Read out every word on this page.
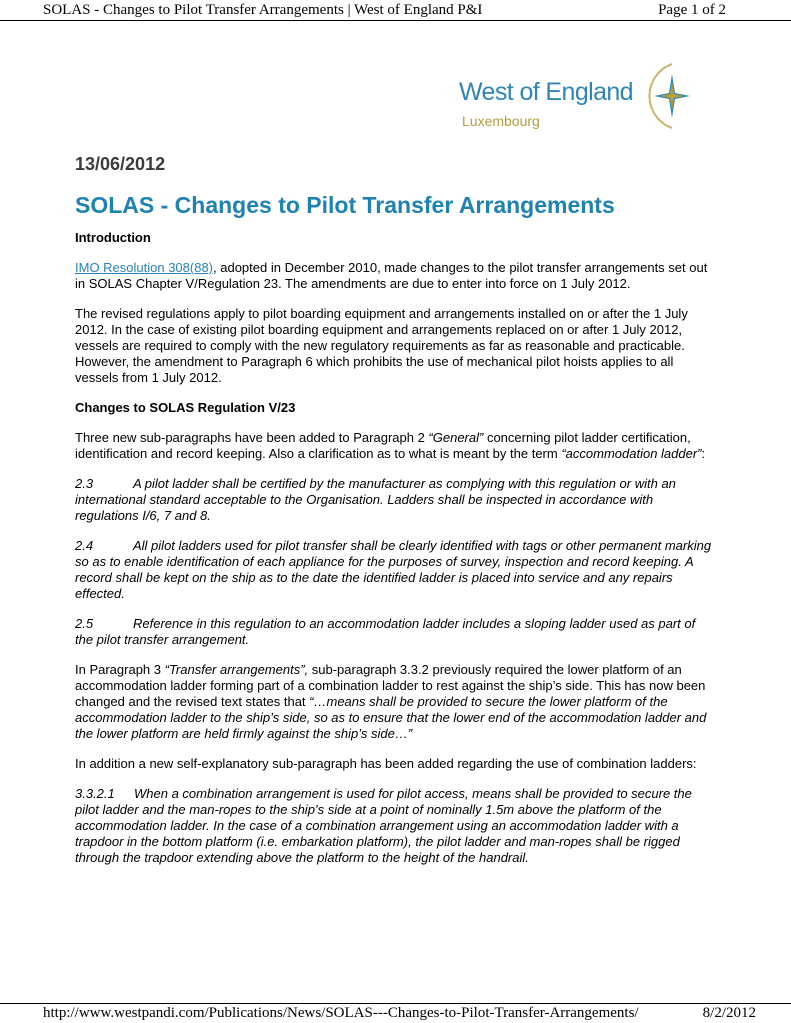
SOLAS - Changes to Pilot Transfer Arrangements | West of England P&I	Page 1 of 2
West of England
Luxembourg
13/06/2012
SOLAS - Changes to Pilot Transfer Arrangements
Introduction

IMO Resolution 308(88), adopted in December 2010, made changes to the pilot transfer arrangements set out in SOLAS Chapter V/Regulation 23. The amendments are due to enter into force on 1 July 2012.

The revised regulations apply to pilot boarding equipment and arrangements installed on or after the 1 July 2012. In the case of existing pilot boarding equipment and arrangements replaced on or after 1 July 2012, vessels are required to comply with the new regulatory requirements as far as reasonable and practicable. However, the amendment to Paragraph 6 which prohibits the use of mechanical pilot hoists applies to all vessels from 1 July 2012.

Changes to SOLAS Regulation V/23

Three new sub-paragraphs have been added to Paragraph 2 “General” concerning pilot ladder certification, identification and record keeping. Also a clarification as to what is meant by the term “accommodation ladder”:

2.3	A pilot ladder shall be certified by the manufacturer as complying with this regulation or with an international standard acceptable to the Organisation. Ladders shall be inspected in accordance with regulations I/6, 7 and 8.

2.4	All pilot ladders used for pilot transfer shall be clearly identified with tags or other permanent marking so as to enable identification of each appliance for the purposes of survey, inspection and record keeping. A record shall be kept on the ship as to the date the identified ladder is placed into service and any repairs effected.

2.5	Reference in this regulation to an accommodation ladder includes a sloping ladder used as part of the pilot transfer arrangement.

In Paragraph 3 “Transfer arrangements”, sub-paragraph 3.3.2 previously required the lower platform of an accommodation ladder forming part of a combination ladder to rest against the ship’s side. This has now been changed and the revised text states that “…means shall be provided to secure the lower platform of the accommodation ladder to the ship’s side, so as to ensure that the lower end of the accommodation ladder and the lower platform are held firmly against the ship’s side…”

In addition a new self-explanatory sub-paragraph has been added regarding the use of combination ladders:

3.3.2.1 When a combination arrangement is used for pilot access, means shall be provided to secure the pilot ladder and the man-ropes to the ship’s side at a point of nominally 1.5m above the platform of the accommodation ladder. In the case of a combination arrangement using an accommodation ladder with a trapdoor in the bottom platform (i.e. embarkation platform), the pilot ladder and man-ropes shall be rigged through the trapdoor extending above the platform to the height of the handrail.

http://www.westpandi.com/Publications/News/SOLAS---Changes-to-Pilot-Transfer-Arrangements/	8/2/2012
